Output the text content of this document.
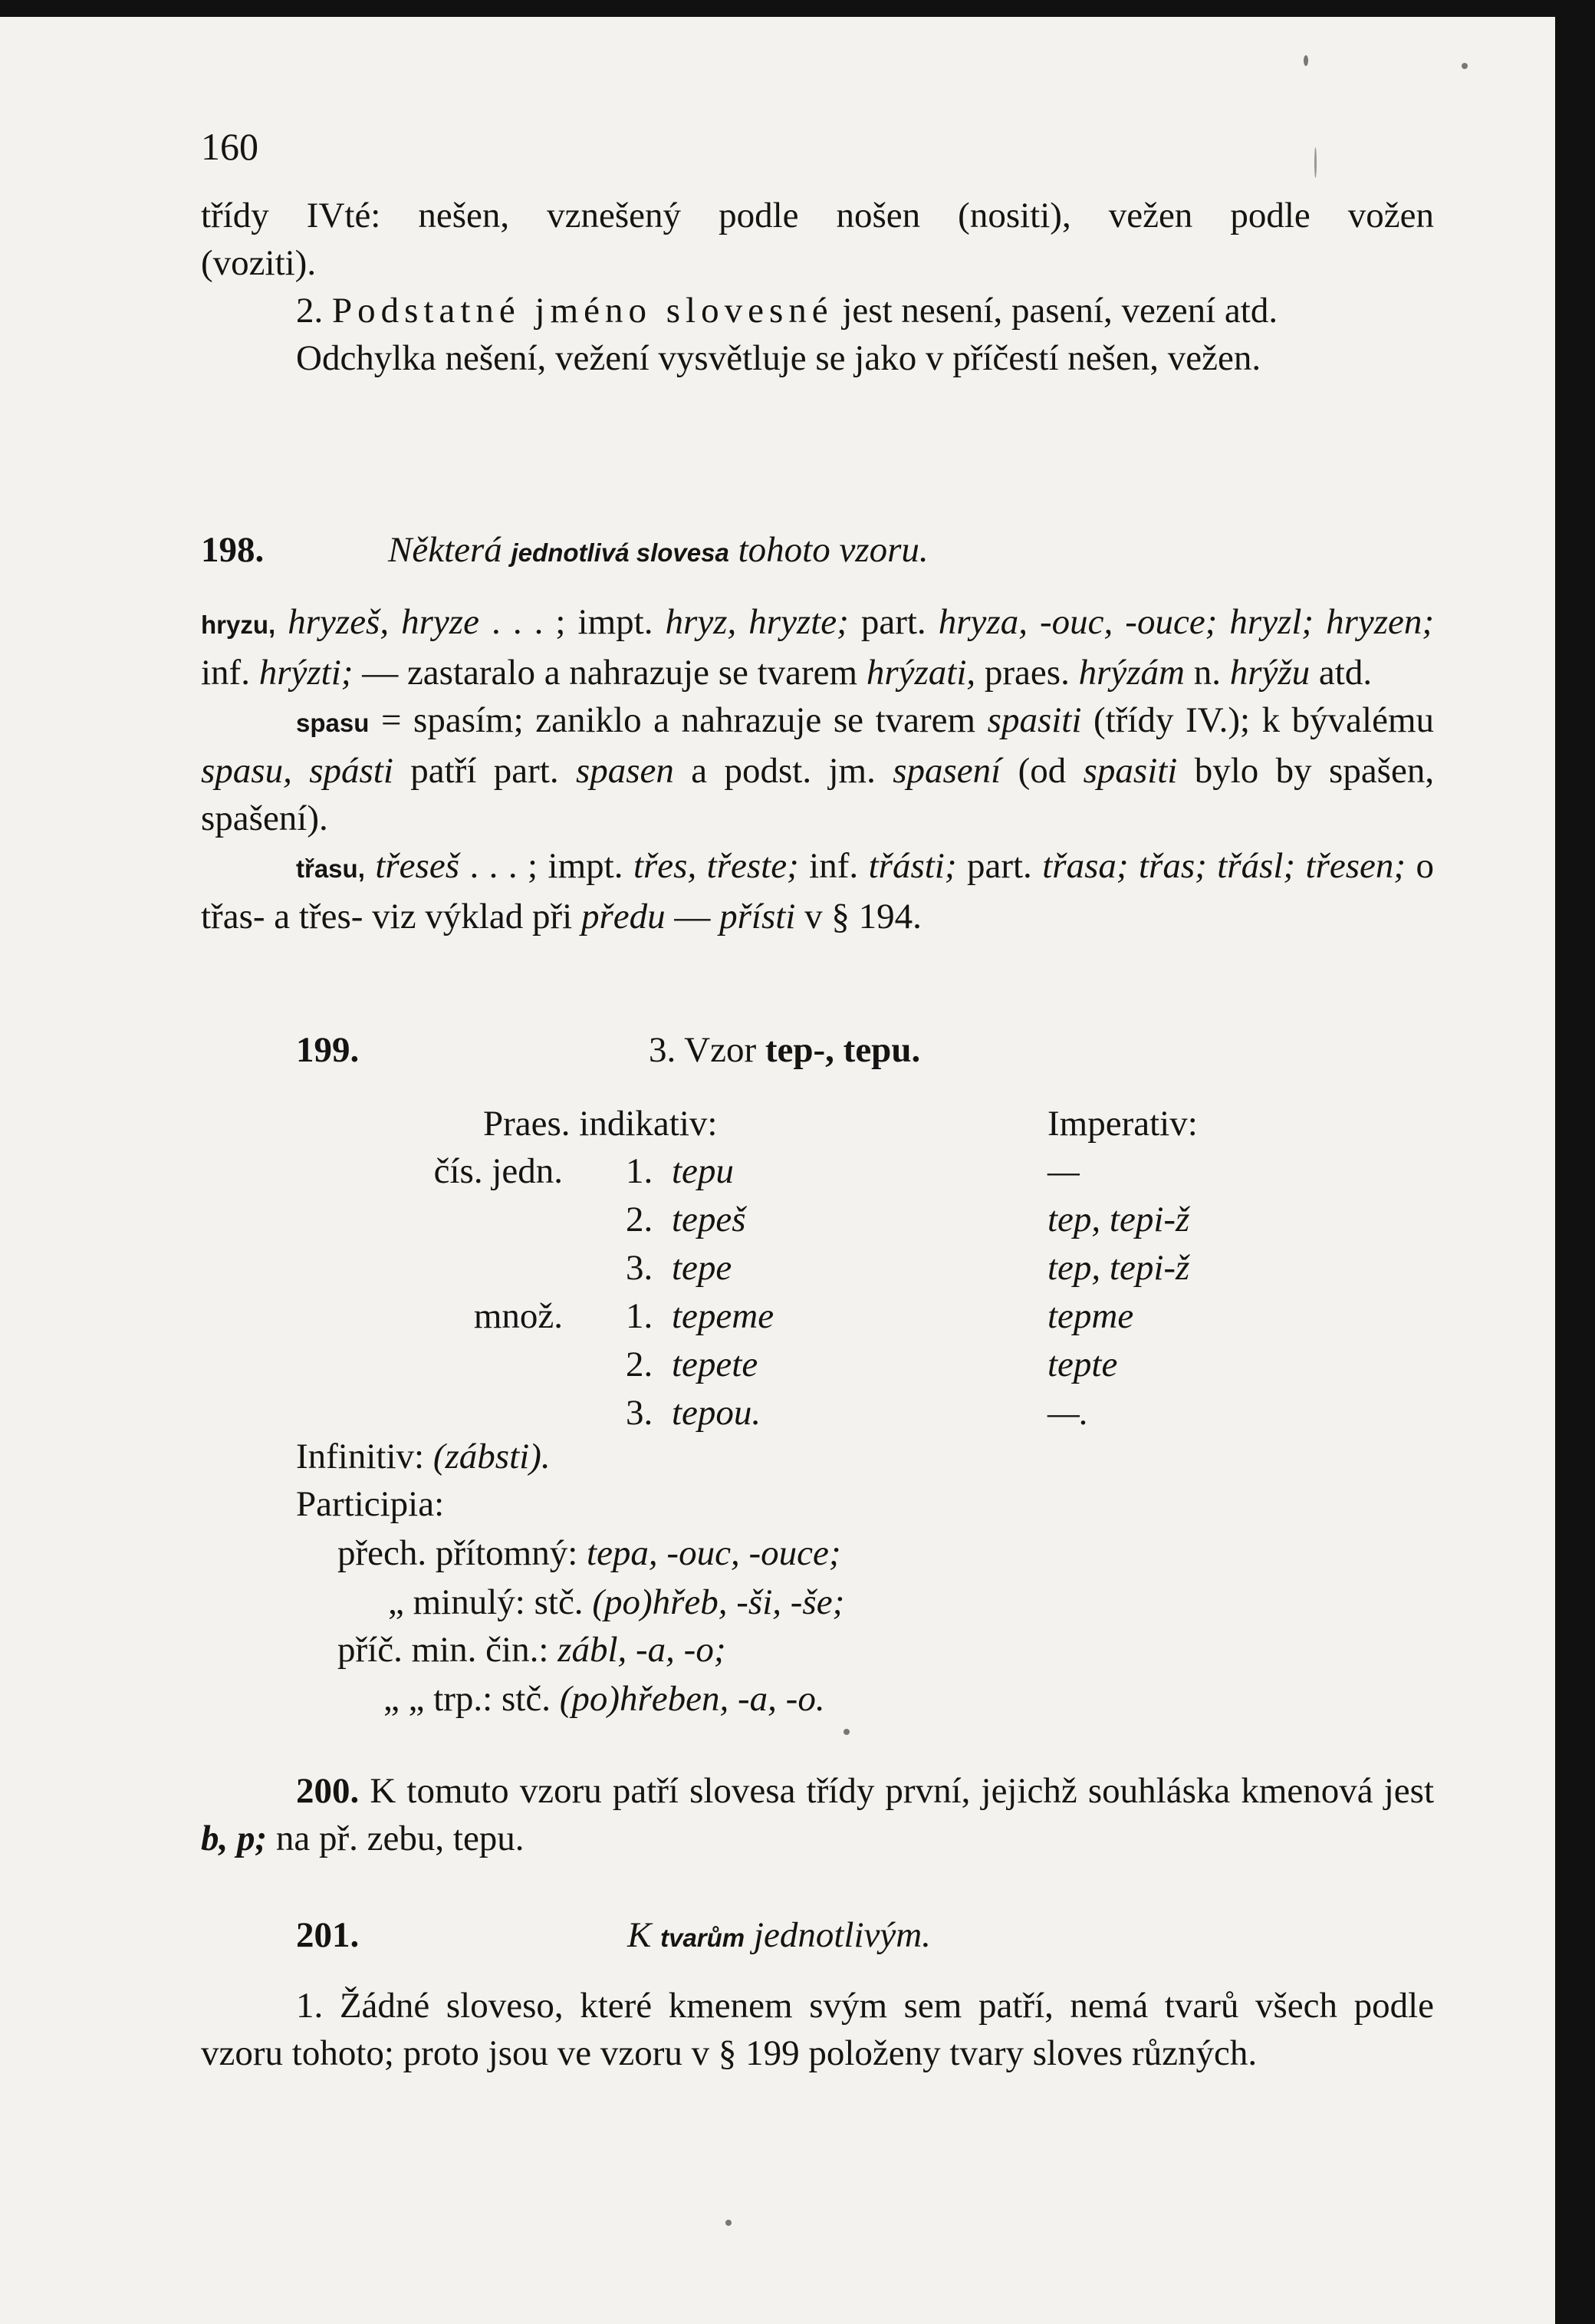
160
třídy IVté: nešen, vznešený podle nošen (nositi), vežen podle vožen
(voziti).
2. Podstatné jméno slovesné jest nesení, pasení, vezení atd.
Odchylka nešení, vežení vysvětluje se jako v příčestí nešen, vežen.
198.	Některá jednotlivá slovesa tohoto vzoru.
hryzu, hryzeš, hryze . . . ; impt. hryz, hryzte; part. hryza, -ouc, -ouce; hryzl; hryzen; inf. hrýzti; — zastaralo a nahrazuje se tvarem hrýzati, praes. hrýzám n. hrýžu atd.
spasu = spasím; zaniklo a nahrazuje se tvarem spasiti (třídy IV.); k bývalému spasu, spásti patří part. spasen a podst. jm. spasení (od spasiti bylo by spašen, spašení).
třasu, třeseš . . . ; impt. třes, třeste; inf. třásti; part. třasa; třas; třásl; třesen; o třas- a třes- viz výklad při předu — přísti v § 194.
199.	3. Vzor tep-, tepu.
Praes. indikativ:	Imperativ:
čís. jedn. 1. tepu	—
2. tepeš	tep, tepi-ž
3. tepe	tep, tepi-ž
množ. 1. tepeme	tepme
2. tepete	tepte
3. tepou.	—.
Infinitiv: (zábsti).
Participia:
přech. přítomný: tepa, -ouc, -ouce;
„ minulý: stč. (po)hřeb, -ši, -še;
příč. min. čin.: zábl, -a, -o;
„ „ trp.: stč. (po)hřeben, -a, -o.
200. K tomuto vzoru patří slovesa třídy první, jejichž souhláska kmenová jest b, p; na př. zebu, tepu.
201.	K tvarům jednotlivým.
1. Žádné sloveso, které kmenem svým sem patří, nemá tvarů všech podle vzoru tohoto; proto jsou ve vzoru v § 199 položeny tvary sloves různých.
